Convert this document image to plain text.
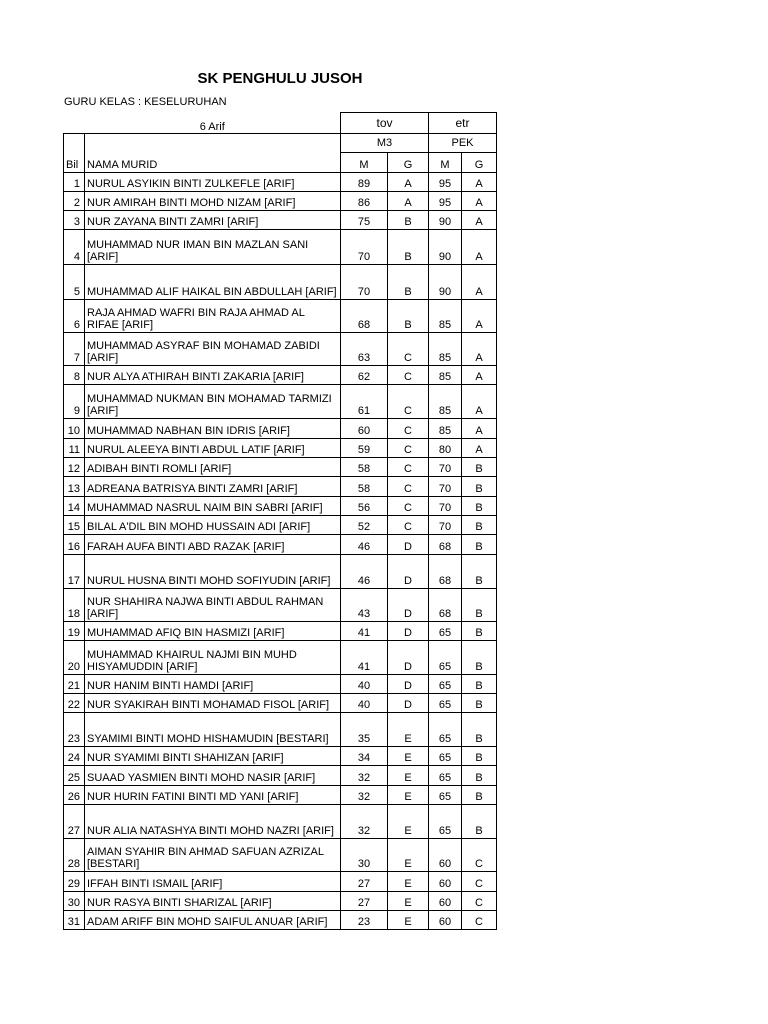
SK PENGHULU JUSOH
GURU KELAS : KESELURUHAN
	6 Arif	tov		etr	
		M3		PEK	
Bil	NAMA MURID	M	G	M	G
1	NURUL ASYIKIN BINTI ZULKEFLE [ARIF]	89	A	95	A
2	NUR AMIRAH BINTI MOHD NIZAM [ARIF]	86	A	95	A
3	NUR ZAYANA BINTI ZAMRI [ARIF]	75	B	90	A
4	MUHAMMAD NUR IMAN BIN MAZLAN SANI [ARIF]	70	B	90	A
5	MUHAMMAD ALIF HAIKAL BIN ABDULLAH [ARIF]	70	B	90	A
6	RAJA AHMAD WAFRI BIN RAJA AHMAD AL RIFAE [ARIF]	68	B	85	A
7	MUHAMMAD ASYRAF BIN MOHAMAD ZABIDI [ARIF]	63	C	85	A
8	NUR ALYA ATHIRAH BINTI ZAKARIA [ARIF]	62	C	85	A
9	MUHAMMAD NUKMAN BIN MOHAMAD TARMIZI [ARIF]	61	C	85	A
10	MUHAMMAD NABHAN BIN IDRIS [ARIF]	60	C	85	A
11	NURUL ALEEYA BINTI ABDUL LATIF [ARIF]	59	C	80	A
12	ADIBAH BINTI ROMLI [ARIF]	58	C	70	B
13	ADREANA BATRISYA BINTI ZAMRI [ARIF]	58	C	70	B
14	MUHAMMAD NASRUL NAIM BIN SABRI [ARIF]	56	C	70	B
15	BILAL A'DIL BIN MOHD HUSSAIN ADI [ARIF]	52	C	70	B
16	FARAH AUFA BINTI ABD RAZAK [ARIF]	46	D	68	B
17	NURUL HUSNA BINTI MOHD SOFIYUDIN [ARIF]	46	D	68	B
18	NUR SHAHIRA NAJWA BINTI ABDUL RAHMAN [ARIF]	43	D	68	B
19	MUHAMMAD AFIQ BIN HASMIZI [ARIF]	41	D	65	B
20	MUHAMMAD KHAIRUL NAJMI BIN MUHD HISYAMUDDIN [ARIF]	41	D	65	B
21	NUR HANIM BINTI HAMDI [ARIF]	40	D	65	B
22	NUR SYAKIRAH BINTI MOHAMAD FISOL [ARIF]	40	D	65	B
23	SYAMIMI BINTI MOHD HISHAMUDIN [BESTARI]	35	E	65	B
24	NUR SYAMIMI BINTI SHAHIZAN [ARIF]	34	E	65	B
25	SUAAD YASMIEN BINTI MOHD NASIR [ARIF]	32	E	65	B
26	NUR HURIN FATINI BINTI MD YANI [ARIF]	32	E	65	B
27	NUR ALIA NATASHYA BINTI MOHD NAZRI [ARIF]	32	E	65	B
28	AIMAN SYAHIR BIN AHMAD SAFUAN AZRIZAL [BESTARI]	30	E	60	C
29	IFFAH BINTI ISMAIL [ARIF]	27	E	60	C
30	NUR RASYA BINTI SHARIZAL [ARIF]	27	E	60	C
31	ADAM ARIFF BIN MOHD SAIFUL ANUAR [ARIF]	23	E	60	C
